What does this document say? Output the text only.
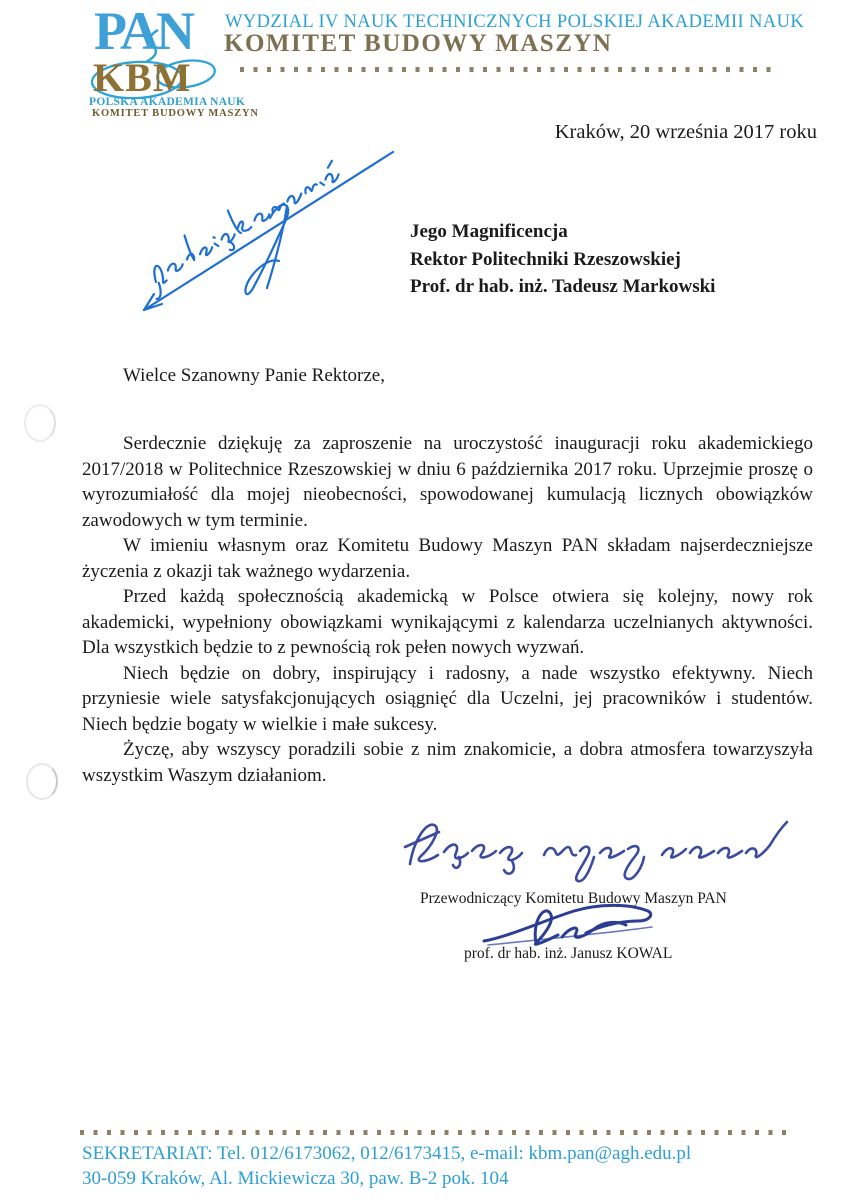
PAN
KBM
POLSKA AKADEMIA NAUK
KOMITET BUDOWY MASZYN
WYDZIAL IV NAUK TECHNICZNYCH POLSKIEJ AKADEMII NAUK
KOMITET BUDOWY MASZYN
Kraków, 20 września 2017 roku
Jego Magnificencja
Rektor Politechniki Rzeszowskiej
Prof. dr hab. inż. Tadeusz Markowski
Wielce Szanowny Panie Rektorze,

Serdecznie dziękuję za zaproszenie na uroczystość inauguracji roku akademickiego 2017/2018 w Politechnice Rzeszowskiej w dniu 6 października 2017 roku. Uprzejmie proszę o wyrozumiałość dla mojej nieobecności, spowodowanej kumulacją licznych obowiązków zawodowych w tym terminie.

W imieniu własnym oraz Komitetu Budowy Maszyn PAN składam najserdeczniejsze życzenia z okazji tak ważnego wydarzenia.

Przed każdą społecznością akademicką w Polsce otwiera się kolejny, nowy rok akademicki, wypełniony obowiązkami wynikającymi z kalendarza uczelnianych aktywności. Dla wszystkich będzie to z pewnością rok pełen nowych wyzwań.

Niech będzie on dobry, inspirujący i radosny, a nade wszystko efektywny. Niech przyniesie wiele satysfakcjonujących osiągnięć dla Uczelni, jej pracowników i studentów. Niech będzie bogaty w wielkie i małe sukcesy.

Życzę, aby wszyscy poradzili sobie z nim znakomicie, a dobra atmosfera towarzyszyła wszystkim Waszym działaniom.

Przewodniczący Komitetu Budowy Maszyn PAN
prof. dr hab. inż. Janusz KOWAL
SEKRETARIAT: Tel. 012/6173062, 012/6173415, e-mail: kbm.pan@agh.edu.pl
30-059 Kraków, Al. Mickiewicza 30, paw. B-2 pok. 104
